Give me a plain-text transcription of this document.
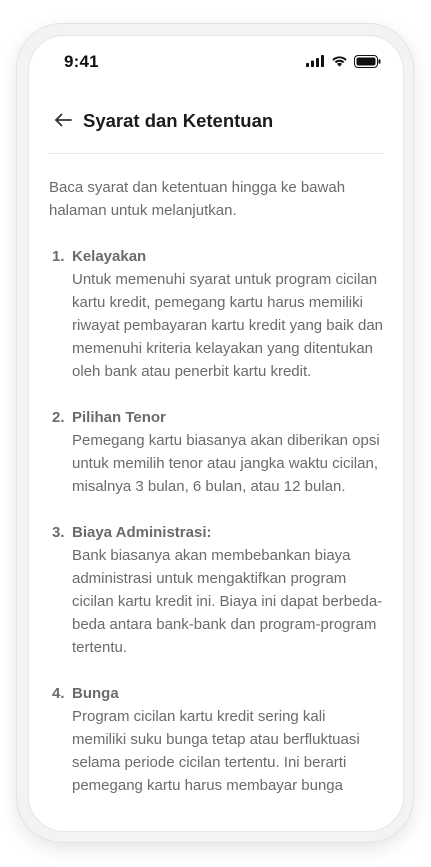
9:41
Syarat dan Ketentuan

Baca syarat dan ketentuan hingga ke bawah halaman untuk melanjutkan.

1. Kelayakan
Untuk memenuhi syarat untuk program cicilan kartu kredit, pemegang kartu harus memiliki riwayat pembayaran kartu kredit yang baik dan memenuhi kriteria kelayakan yang ditentukan oleh bank atau penerbit kartu kredit.
2. Pilihan Tenor
Pemegang kartu biasanya akan diberikan opsi untuk memilih tenor atau jangka waktu cicilan, misalnya 3 bulan, 6 bulan, atau 12 bulan.
3. Biaya Administrasi:
Bank biasanya akan membebankan biaya administrasi untuk mengaktifkan program cicilan kartu kredit ini. Biaya ini dapat berbeda-beda antara bank-bank dan program-program tertentu.
4. Bunga
Program cicilan kartu kredit sering kali memiliki suku bunga tetap atau berfluktuasi selama periode cicilan tertentu. Ini berarti pemegang kartu harus membayar bunga
